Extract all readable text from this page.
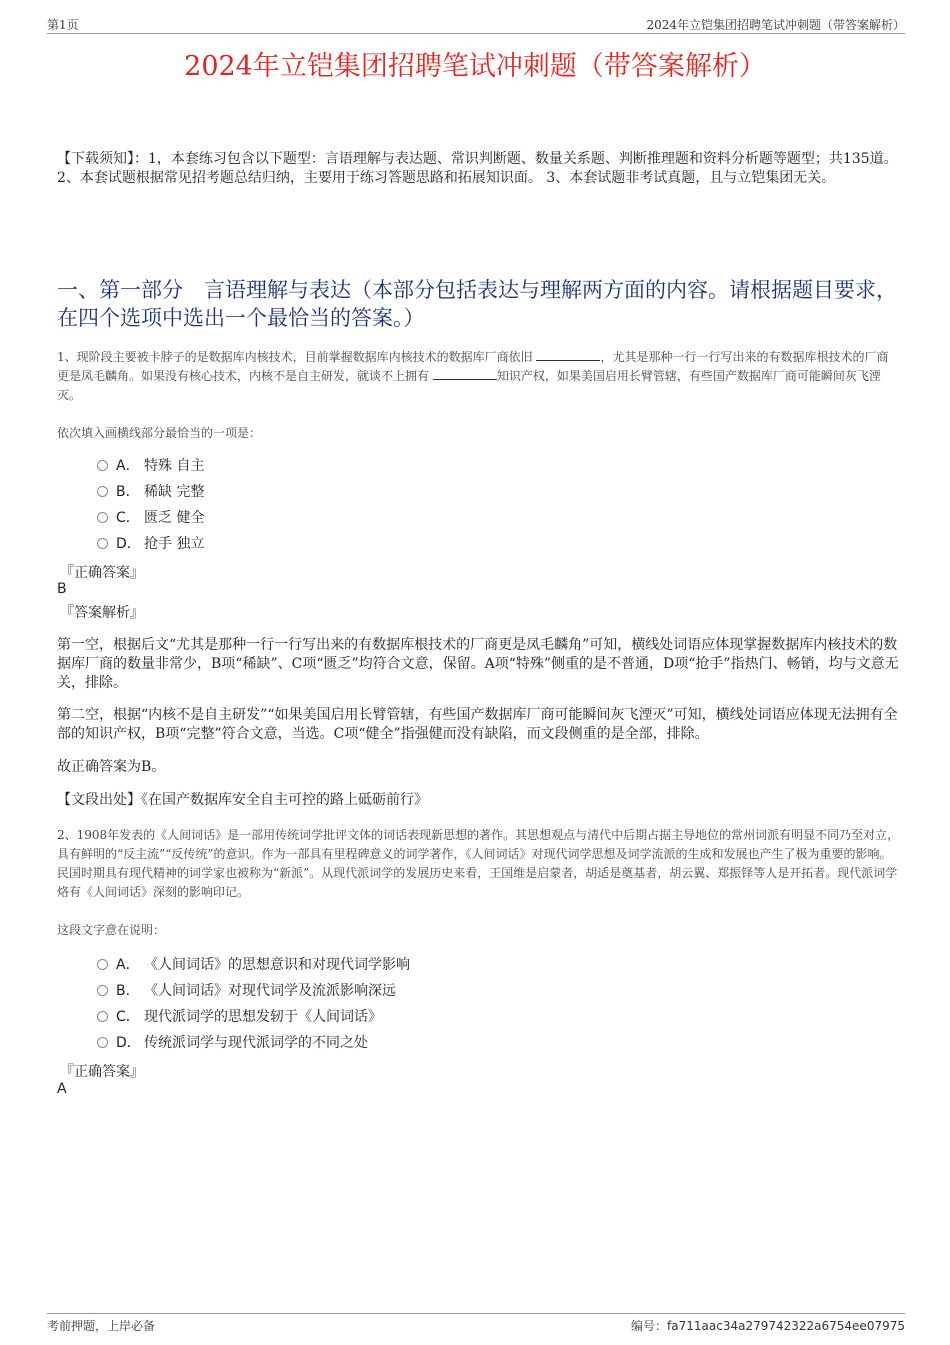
第1页	2024年立铠集团招聘笔试冲刺题（带答案解析）
2024年立铠集团招聘笔试冲刺题（带答案解析）
【下载须知】：1，本套练习包含以下题型：言语理解与表达题、常识判断题、数量关系题、判断推理题和资料分析题等题型；共135道。 2、本套试题根据常见招考题总结归纳，主要用于练习答题思路和拓展知识面。 3、本套试题非考试真题，且与立铠集团无关。
一、第一部分　言语理解与表达（本部分包括表达与理解两方面的内容。请根据题目要求，在四个选项中选出一个最恰当的答案。）
1、现阶段主要被卡脖子的是数据库内核技术，目前掌握数据库内核技术的数据库厂商依旧	，尤其是那种一行一行写出来的有数据库根技术的厂商更是凤毛麟角。如果没有核心技术，内核不是自主研发，就谈不上拥有	知识产权，如果美国启用长臂管辖，有些国产数据库厂商可能瞬间灰飞湮灭。
依次填入画横线部分最恰当的一项是：
A． 特殊 自主
B． 稀缺 完整
C． 匮乏 健全
D． 抢手 独立
『正确答案』
B
『答案解析』
第一空，根据后文“尤其是那种一行一行写出来的有数据库根技术的厂商更是凤毛麟角”可知，横线处词语应体现掌握数据库内核技术的数据库厂商的数量非常少，B项“稀缺”、C项“匮乏”均符合文意，保留。A项“特殊”侧重的是不普通，D项“抢手”指热门、畅销，均与文意无关，排除。
第二空，根据“内核不是自主研发”“如果美国启用长臂管辖，有些国产数据库厂商可能瞬间灰飞湮灭”可知，横线处词语应体现无法拥有全部的知识产权，B项“完整”符合文意，当选。C项“健全”指强健而没有缺陷，而文段侧重的是全部，排除。
故正确答案为B。
【文段出处】《在国产数据库安全自主可控的路上砥砺前行》
2、1908年发表的《人间词话》是一部用传统词学批评文体的词话表现新思想的著作。其思想观点与清代中后期占据主导地位的常州词派有明显不同乃至对立，具有鲜明的“反主流”“反传统”的意识。作为一部具有里程碑意义的词学著作，《人间词话》对现代词学思想及词学流派的生成和发展也产生了极为重要的影响。民国时期具有现代精神的词学家也被称为“新派”。从现代派词学的发展历史来看，王国维是启蒙者，胡适是奠基者，胡云翼、郑振铎等人是开拓者。现代派词学烙有《人间词话》深刻的影响印记。
这段文字意在说明：
A． 《人间词话》的思想意识和对现代词学影响
B． 《人间词话》对现代词学及流派影响深远
C． 现代派词学的思想发轫于《人间词话》
D． 传统派词学与现代派词学的不同之处
『正确答案』
A
考前押题，上岸必备	编号：fa711aac34a279742322a6754ee07975
